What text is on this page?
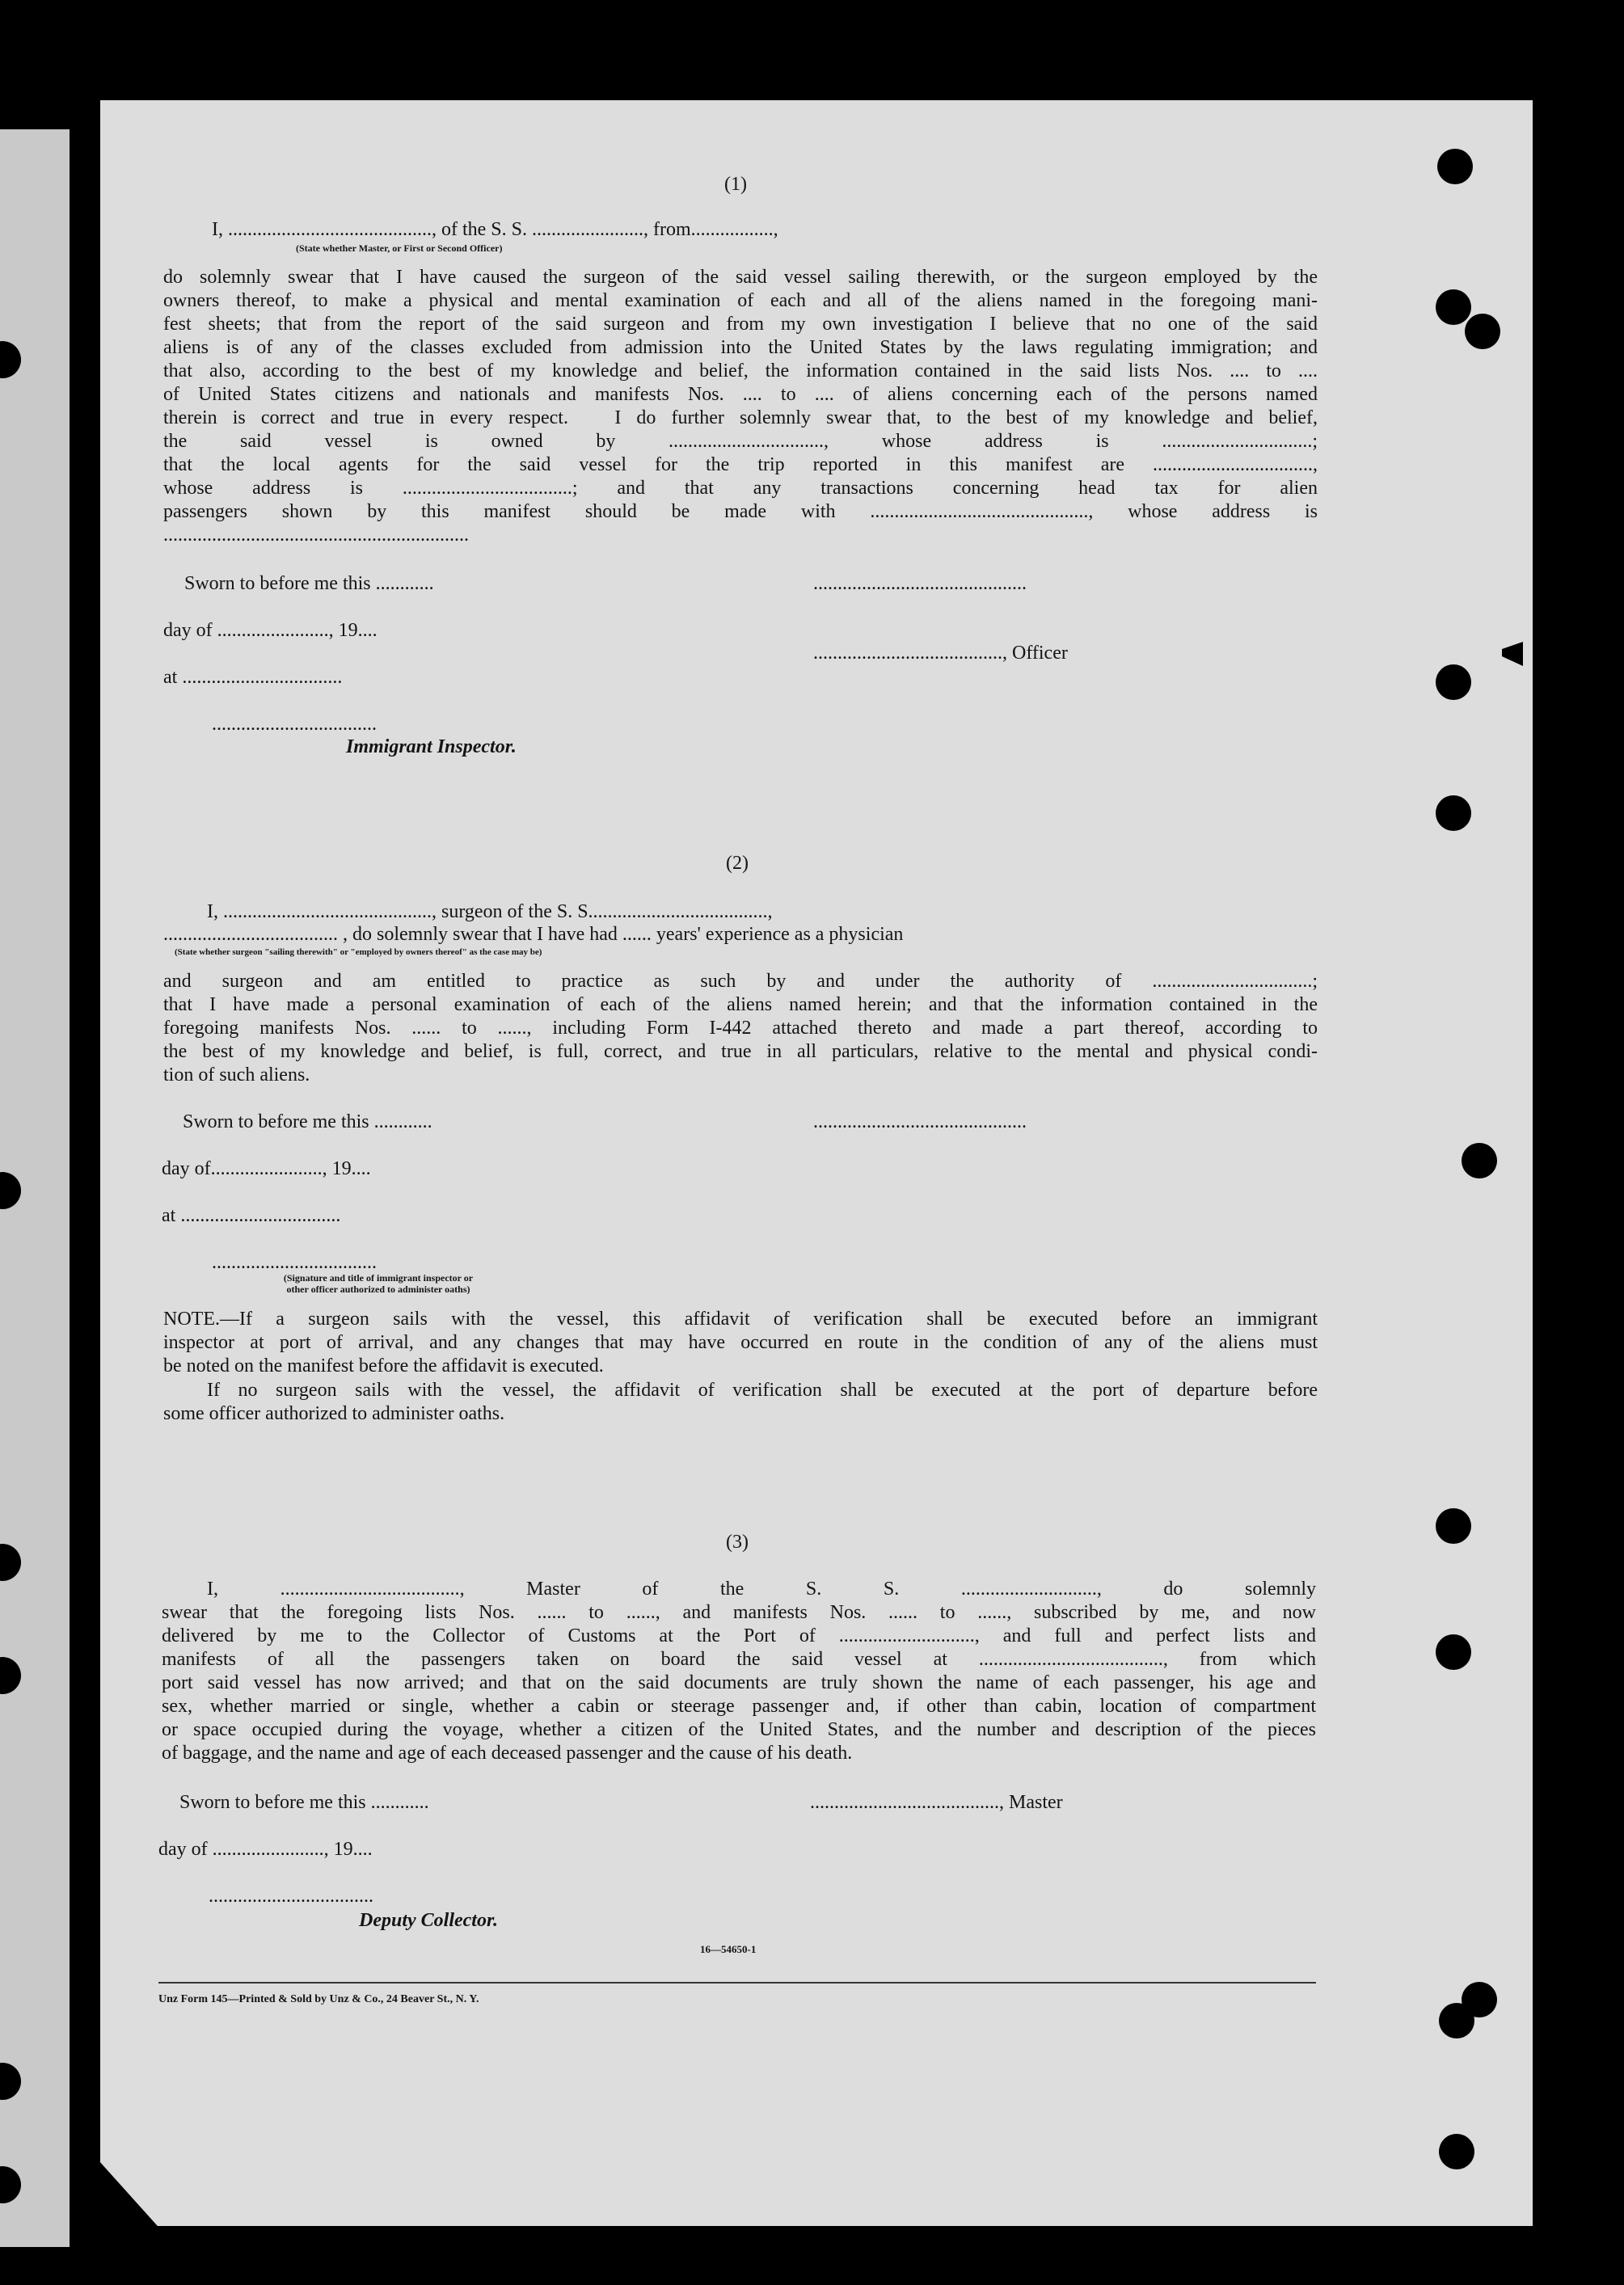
(1)
I, .........................................., of the S. S. ......................., from.................,
(State whether Master, or First or Second Officer)
do solemnly swear that I have caused the surgeon of the said vessel sailing therewith, or the surgeon employed by the
owners thereof, to make a physical and mental examination of each and all of the aliens named in the foregoing mani-
fest sheets; that from the report of the said surgeon and from my own investigation I believe that no one of the said
aliens is of any of the classes excluded from admission into the United States by the laws regulating immigration; and
that also, according to the best of my knowledge and belief, the information contained in the said lists Nos. .... to ....
of United States citizens and nationals and manifests Nos. .... to .... of aliens concerning each of the persons named
therein is correct and true in every respect.   I do further solemnly swear that, to the best of my knowledge and belief,
the said vessel is owned by ................................, whose address is ...............................;
that the local agents for the said vessel for the trip reported in this manifest are .................................,
whose address is ...................................; and that any transactions concerning head tax for alien
passengers shown by this manifest should be made with ............................................., whose address is
...............................................................
Sworn to before me this ............	............................................
day of ......................., 19....
......................................., Officer
at .................................
..................................
Immigrant Inspector.
(2)
I, ..........................................., surgeon of the S. S.....................................,
.................................... , do solemnly swear that I have had ...... years' experience as a physician
(State whether surgeon "sailing therewith" or "employed by owners thereof" as the case may be)
and surgeon and am entitled to practice as such by and under the authority of .................................;
that I have made a personal examination of each of the aliens named herein; and that the information contained in the
foregoing manifests Nos. ...... to ......, including Form I-442 attached thereto and made a part thereof, according to
the best of my knowledge and belief, is full, correct, and true in all particulars, relative to the mental and physical condi-
tion of such aliens.
Sworn to before me this ............	............................................
day of......................., 19....
at .................................
..................................
(Signature and title of immigrant inspector or
other officer authorized to administer oaths)
NOTE.—If a surgeon sails with the vessel, this affidavit of verification shall be executed before an immigrant
inspector at port of arrival, and any changes that may have occurred en route in the condition of any of the aliens must
be noted on the manifest before the affidavit is executed.
If no surgeon sails with the vessel, the affidavit of verification shall be executed at the port of departure before
some officer authorized to administer oaths.
(3)
I, ....................................., Master of the S. S. ............................, do solemnly
swear that the foregoing lists Nos. ...... to ......, and manifests Nos. ...... to ......, subscribed by me, and now
delivered by me to the Collector of Customs at the Port of ............................, and full and perfect lists and
manifests of all the passengers taken on board the said vessel at ......................................, from which
port said vessel has now arrived; and that on the said documents are truly shown the name of each passenger, his age and
sex, whether married or single, whether a cabin or steerage passenger and, if other than cabin, location of compartment
or space occupied during the voyage, whether a citizen of the United States, and the number and description of the pieces
of baggage, and the name and age of each deceased passenger and the cause of his death.
Sworn to before me this ............	......................................., Master
day of ......................., 19....
..................................
Deputy Collector.
16—54650-1
Unz Form 145—Printed & Sold by Unz & Co., 24 Beaver St., N. Y.
